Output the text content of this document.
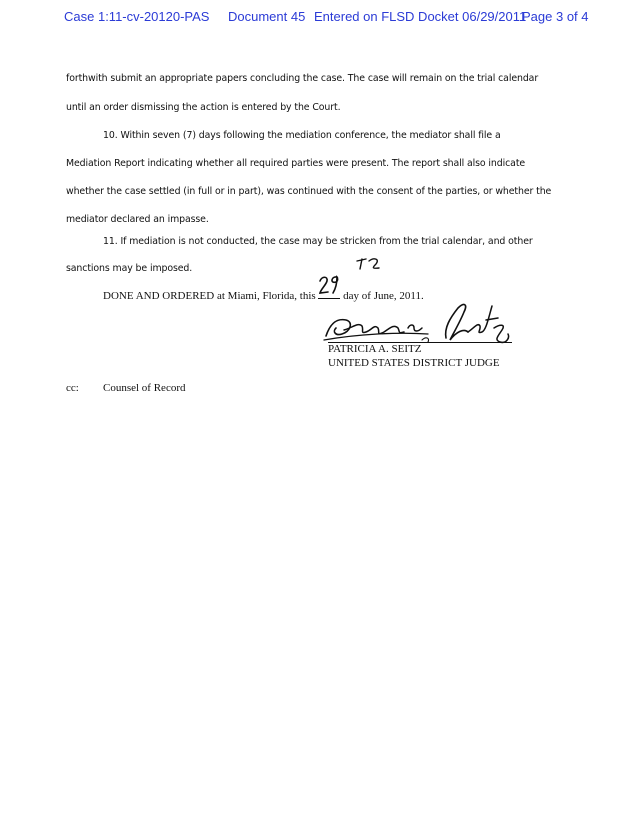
Case 1:11-cv-20120-PAS Document 45 Entered on FLSD Docket 06/29/2011
Page 3 of 4
forthwith submit an appropriate papers concluding the case. The case will remain on the trial calendar
until an order dismissing the action is entered by the Court.
10. Within seven (7) days following the mediation conference, the mediator shall file a
Mediation Report indicating whether all required parties were present. The report shall also indicate
whether the case settled (in full or in part), was continued with the consent of the parties, or whether the
mediator declared an impasse.
11. If mediation is not conducted, the case may be stricken from the trial calendar, and other
sanctions may be imposed.
DONE AND ORDERED at Miami, Florida, this	day of June, 2011.
PATRICIA A. SEITZ
UNITED STATES DISTRICT JUDGE
cc: Counsel of Record
